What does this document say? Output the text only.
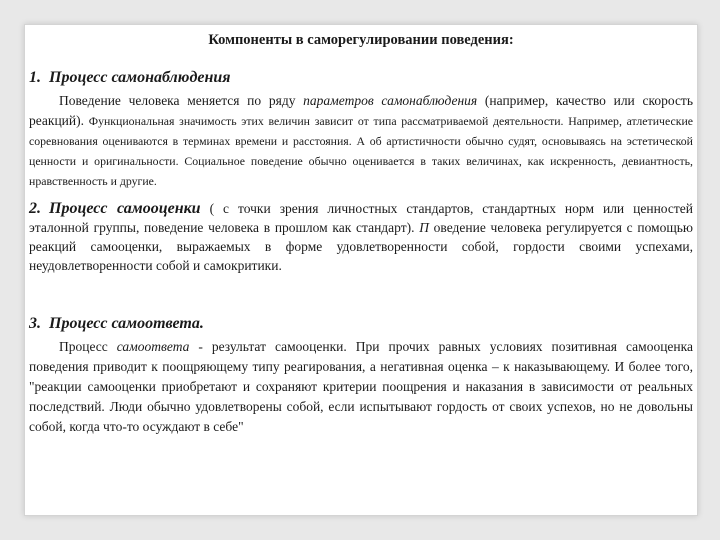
Компоненты в саморегулировании поведения:
1. Процесс самонаблюдения
Поведение человека меняется по ряду параметров самонаблюдения (например, качество или скорость реакций). Функциональная значимость этих величин зависит от типа рассматриваемой деятельности. Например, атлетические соревнования оцениваются в терминах времени и расстояния. А об артистичности обычно судят, основываясь на эстетической ценности и оригинальности. Социальное поведение обычно оценивается в таких величинах, как искренность, девиантность, нравственность и другие.
2. Процесс самооценки ( с точки зрения личностных стандартов, стандартных норм или ценностей эталонной группы, поведение человека в прошлом как стандарт). П оведение человека регулируется с помощью реакций самооценки, выражаемых в форме удовлетворенности собой, гордости своими успехами, неудовлетворенности собой и самокритики.
3. Процесс самоответа.
Процесс самоответа - результат самооценки. При прочих равных условиях позитивная самооценка поведения приводит к поощряющему типу реагирования, а негативная оценка – к наказывающему. И более того, "реакции самооценки приобретают и сохраняют критерии поощрения и наказания в зависимости от реальных последствий. Люди обычно удовлетворены собой, если испытывают гордость от своих успехов, но не довольны собой, когда что-то осуждают в себе"
